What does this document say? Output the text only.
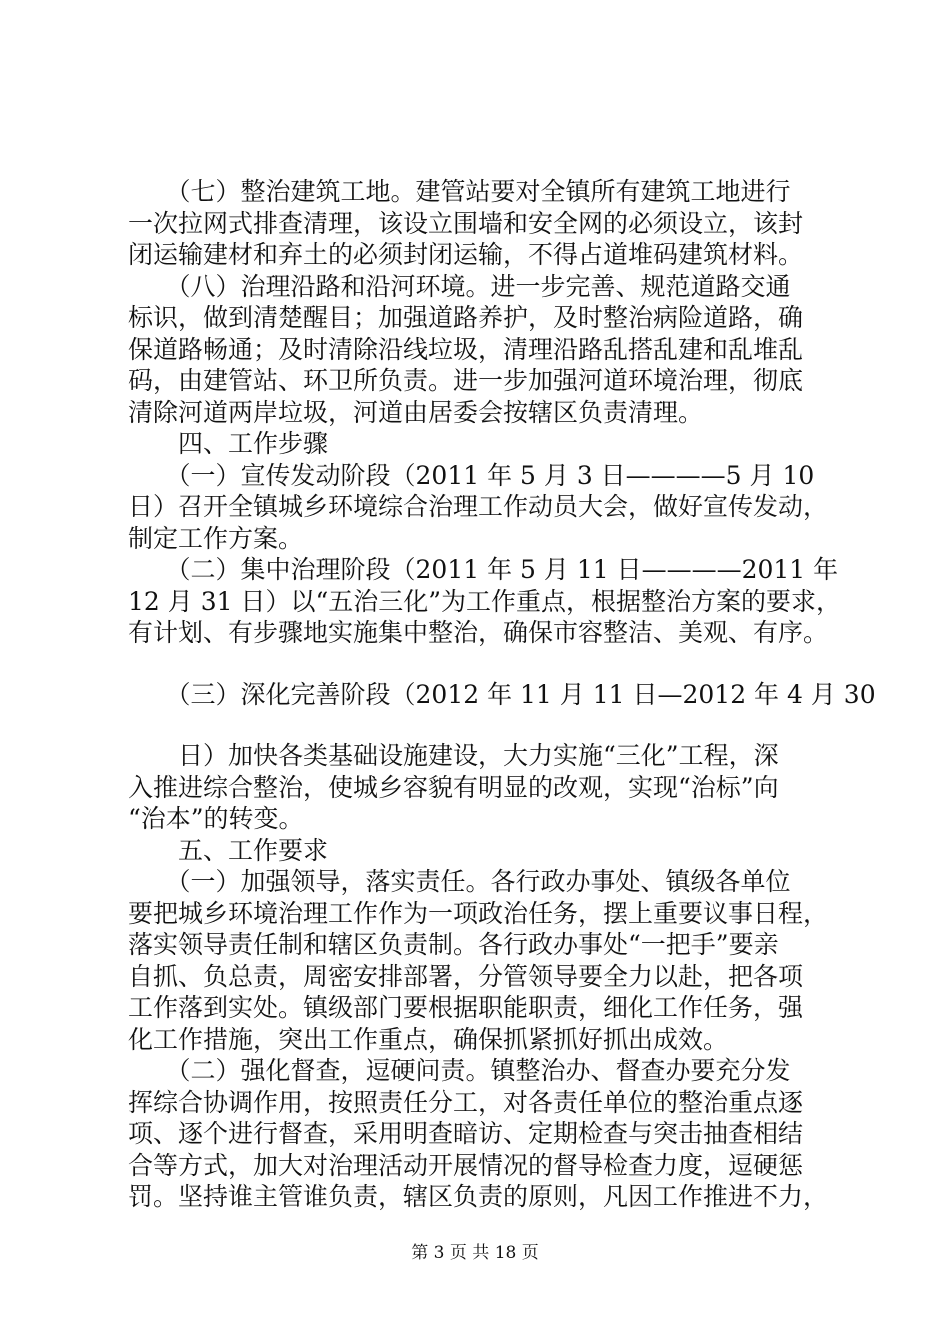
　　（七）整治建筑工地。建管站要对全镇所有建筑工地进行
一次拉网式排查清理，该设立围墙和安全网的必须设立，该封
闭运输建材和弃土的必须封闭运输，不得占道堆码建筑材料。
　　（八）治理沿路和沿河环境。进一步完善、规范道路交通
标识，做到清楚醒目；加强道路养护，及时整治病险道路，确
保道路畅通；及时清除沿线垃圾，清理沿路乱搭乱建和乱堆乱
码，由建管站、环卫所负责。进一步加强河道环境治理，彻底
清除河道两岸垃圾，河道由居委会按辖区负责清理。
　　四、工作步骤
　　（一）宣传发动阶段（2011 年 5 月 3 日————5 月 10
日）召开全镇城乡环境综合治理工作动员大会，做好宣传发动，
制定工作方案。
　　（二）集中治理阶段（2011 年 5 月 11 日————2011 年
12 月 31 日）以“五治三化”为工作重点，根据整治方案的要求，
有计划、有步骤地实施集中整治，确保市容整洁、美观、有序。
　　（三）深化完善阶段（2012 年 11 月 11 日—2012 年 4 月 30
　　日）加快各类基础设施建设，大力实施“三化”工程，深
入推进综合整治，使城乡容貌有明显的改观，实现“治标”向
“治本”的转变。
　　五、工作要求
　　（一）加强领导，落实责任。各行政办事处、镇级各单位
要把城乡环境治理工作作为一项政治任务，摆上重要议事日程，
落实领导责任制和辖区负责制。各行政办事处“一把手”要亲
自抓、负总责，周密安排部署，分管领导要全力以赴，把各项
工作落到实处。镇级部门要根据职能职责，细化工作任务，强
化工作措施，突出工作重点，确保抓紧抓好抓出成效。
　　（二）强化督查，逗硬问责。镇整治办、督查办要充分发
挥综合协调作用，按照责任分工，对各责任单位的整治重点逐
项、逐个进行督查，采用明查暗访、定期检查与突击抽查相结
合等方式，加大对治理活动开展情况的督导检查力度，逗硬惩
罚。坚持谁主管谁负责，辖区负责的原则，凡因工作推进不力，
第 3 页 共 18 页
